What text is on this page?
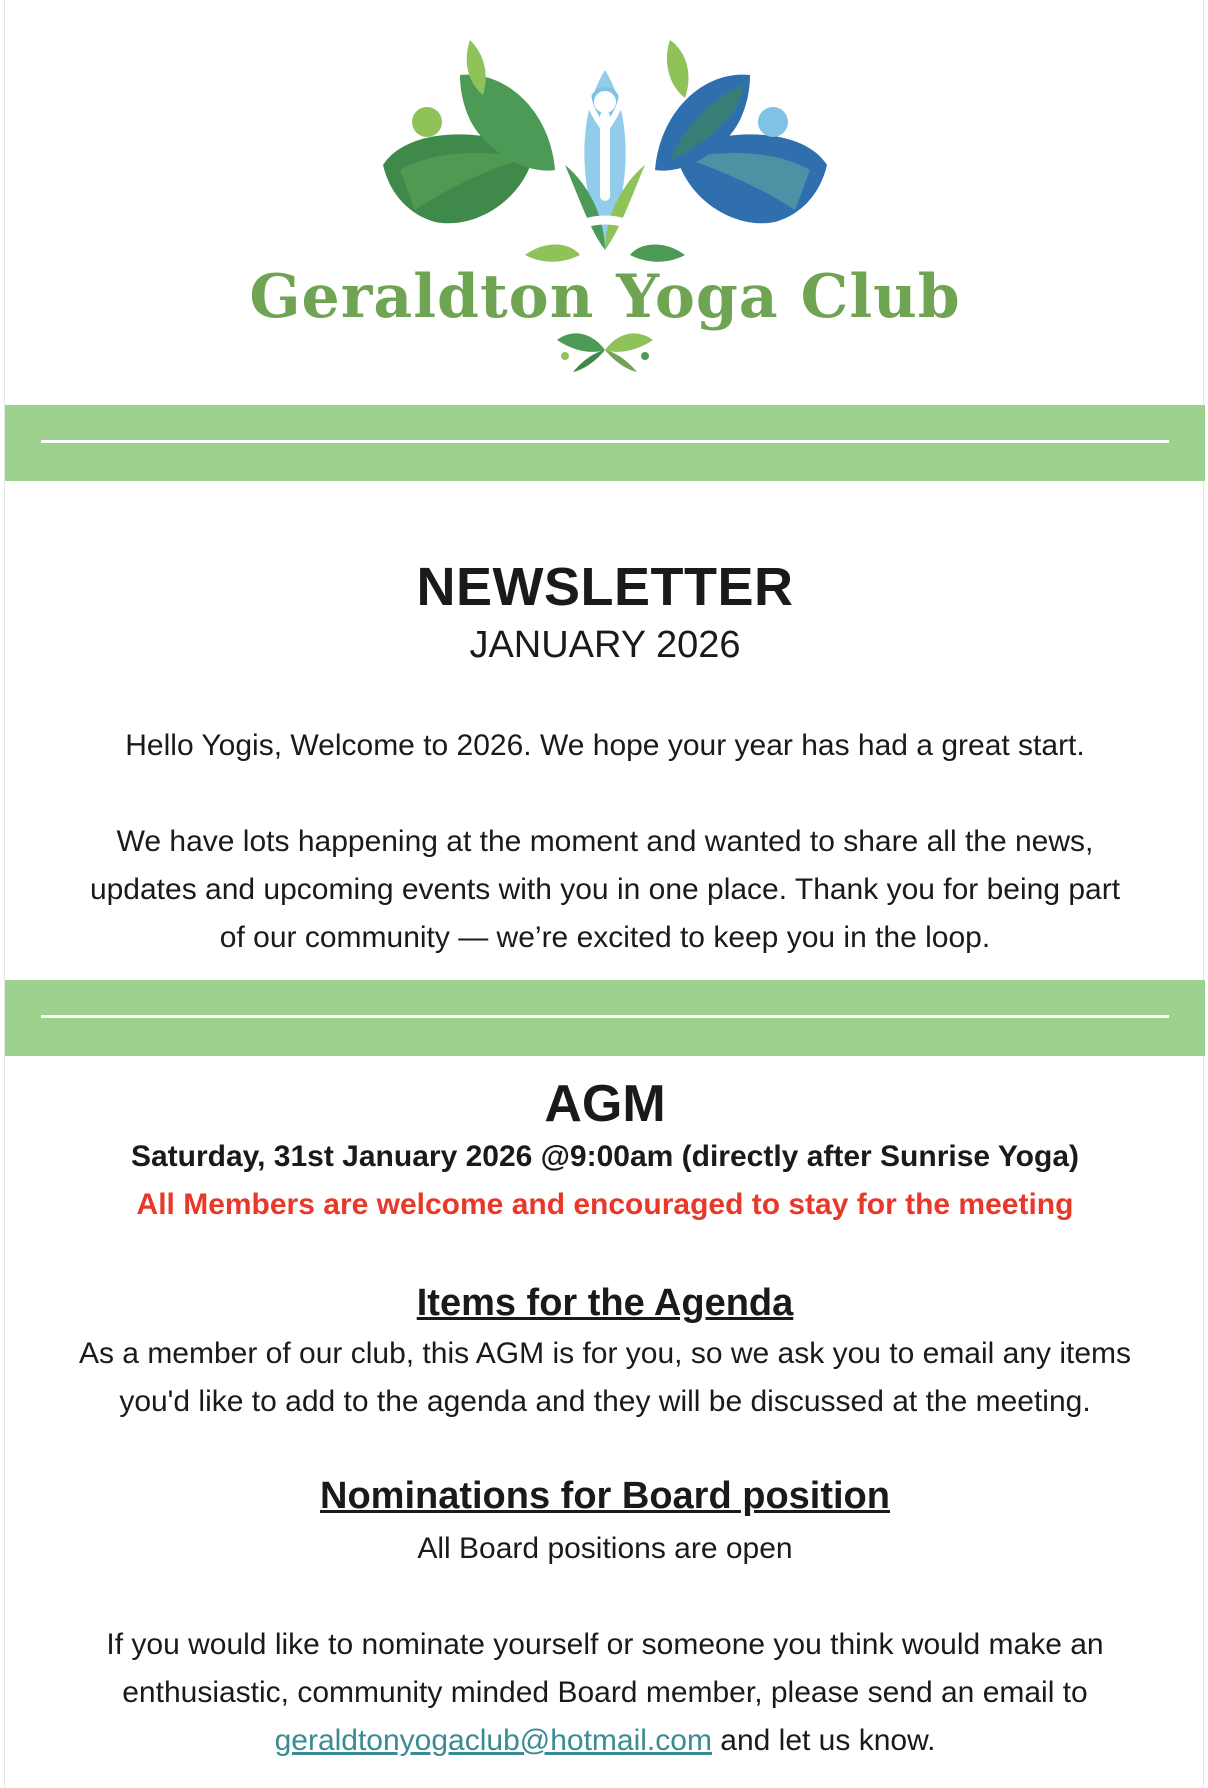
Geraldton Yoga Club
NEWSLETTER
JANUARY 2026
Hello Yogis, Welcome to 2026. We hope your year has had a great start.
We have lots happening at the moment and wanted to share all the news,
updates and upcoming events with you in one place. Thank you for being part
of our community — we’re excited to keep you in the loop.
AGM
Saturday, 31st January 2026 @9:00am (directly after Sunrise Yoga)
All Members are welcome and encouraged to stay for the meeting
Items for the Agenda
As a member of our club, this AGM is for you, so we ask you to email any items
you'd like to add to the agenda and they will be discussed at the meeting.
Nominations for Board position
All Board positions are open
If you would like to nominate yourself or someone you think would make an
enthusiastic, community minded Board member, please send an email to
geraldtonyogaclub@hotmail.com and let us know.
